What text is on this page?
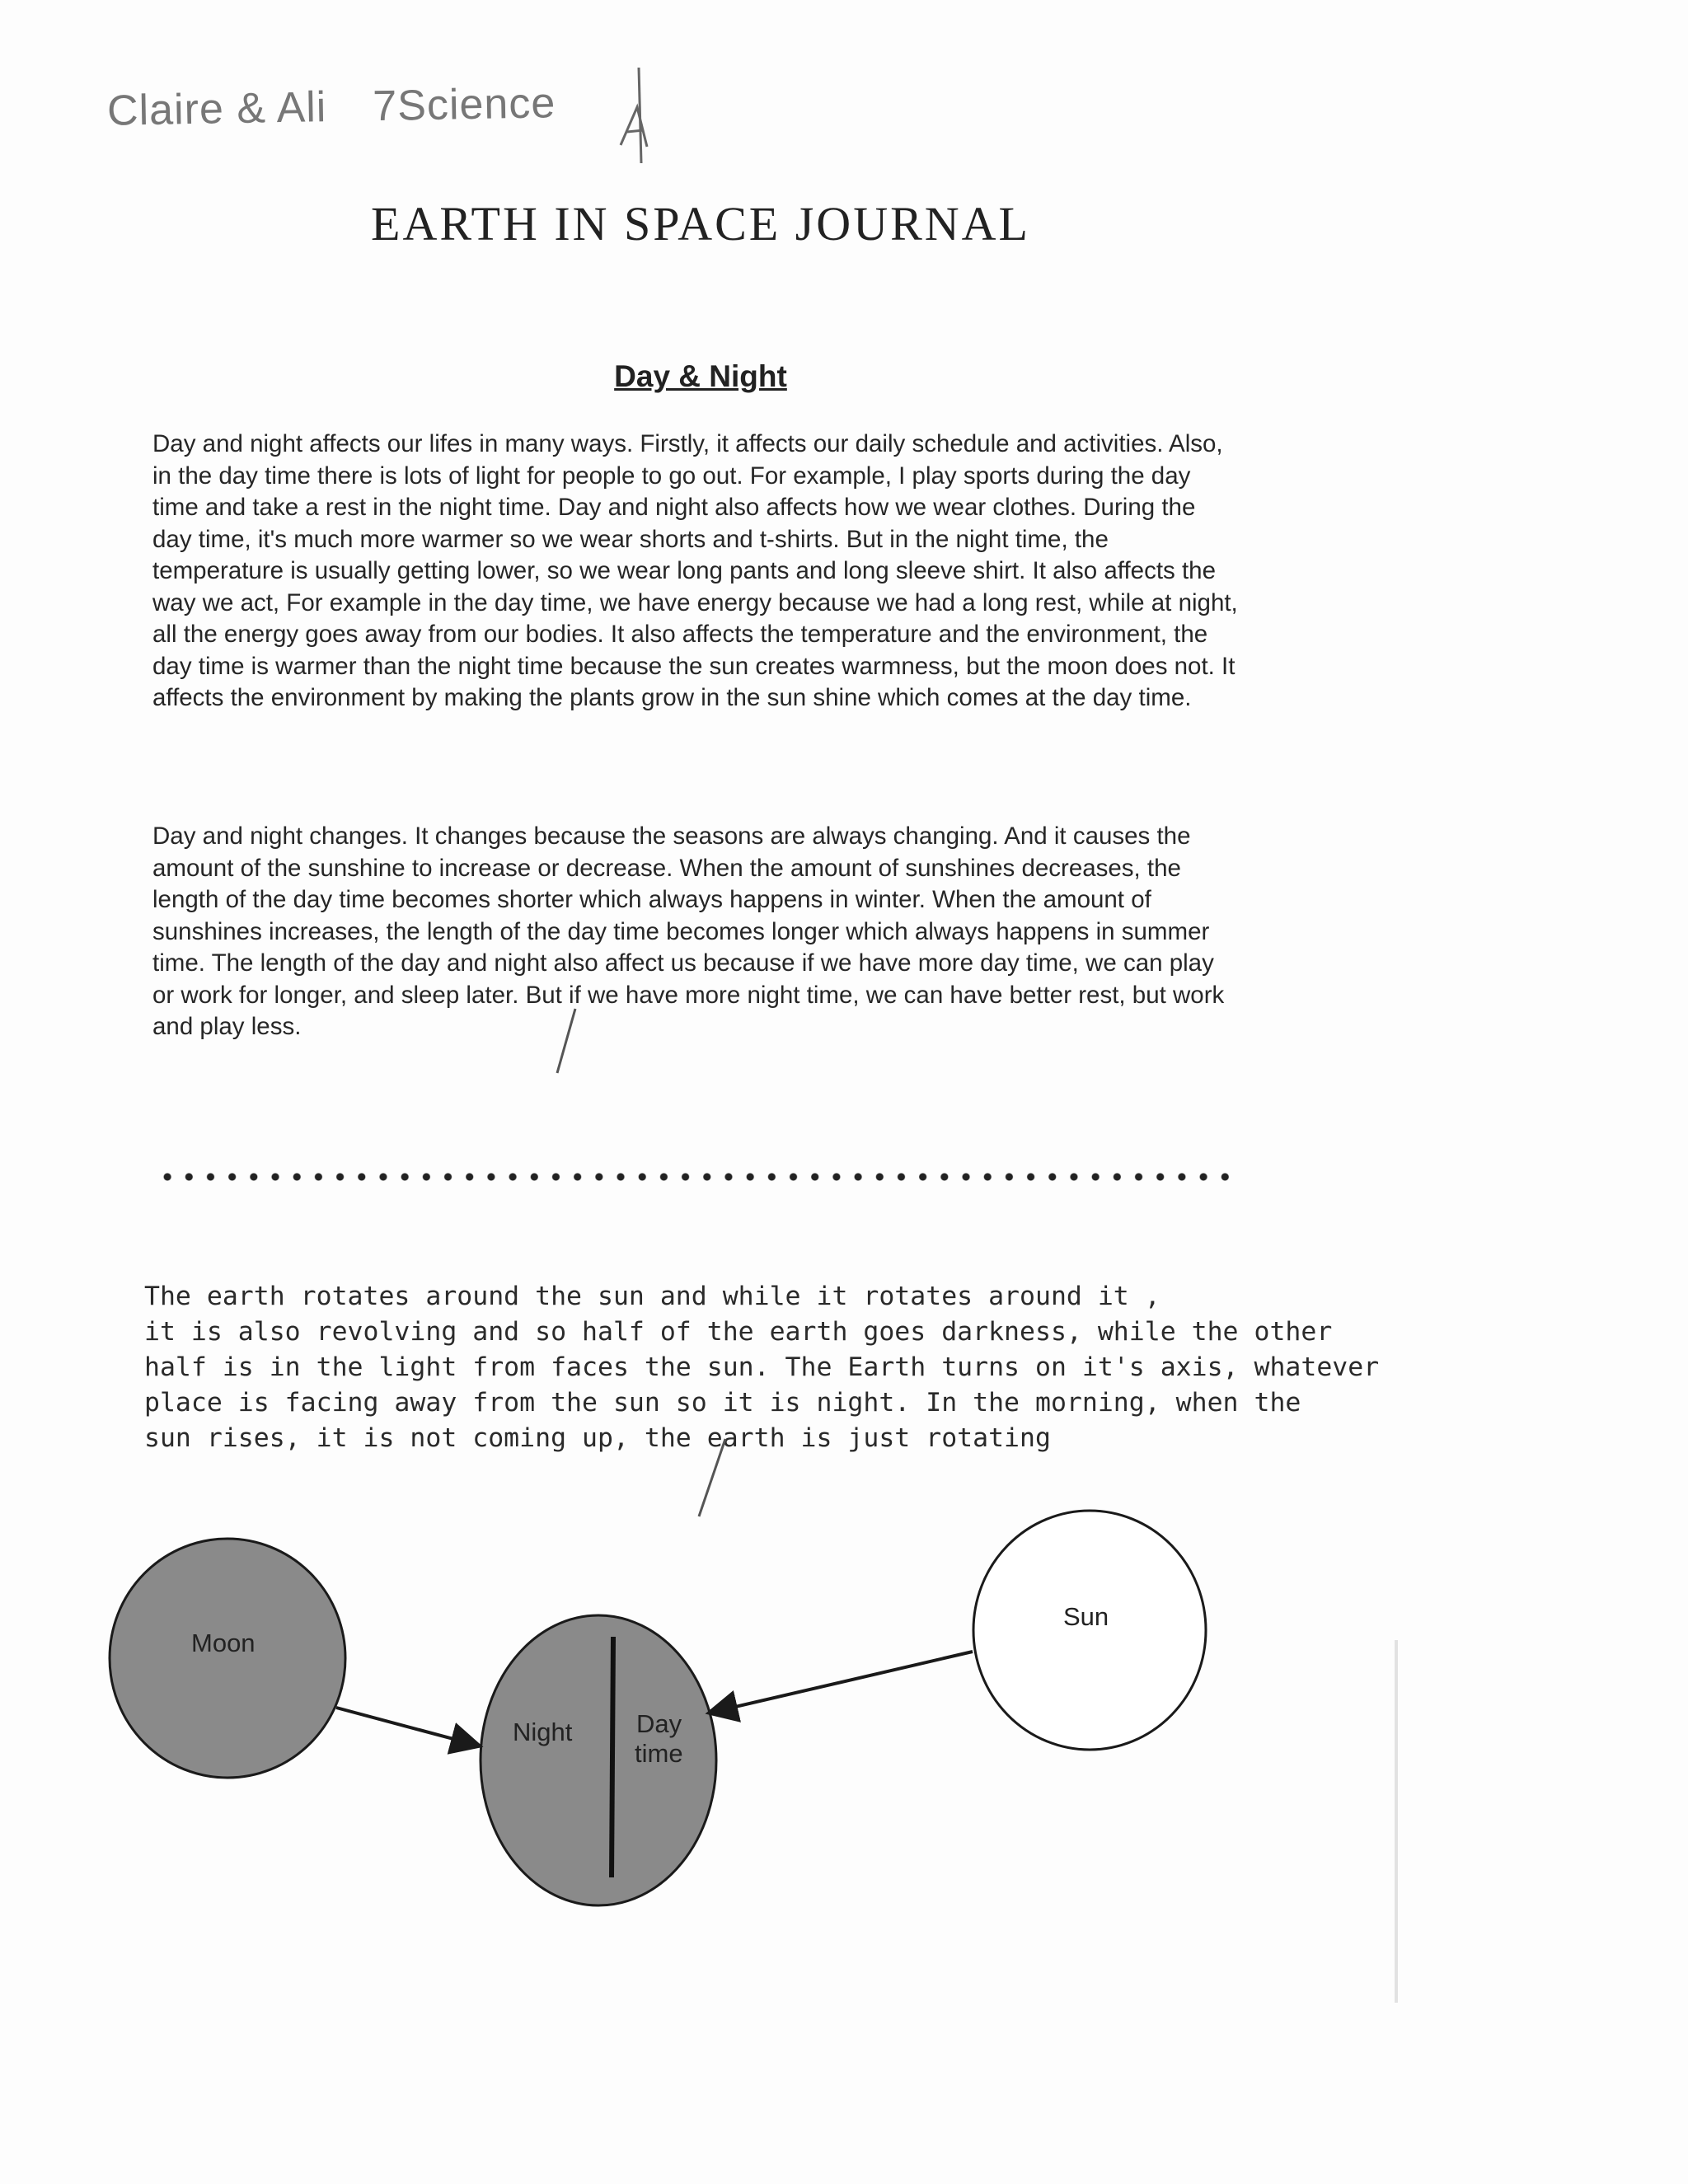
Claire & Ali 7Science
EARTH IN SPACE JOURNAL
Day & Night

Day and night affects our lifes in many ways. Firstly, it affects our daily schedule and activities. Also, in the day time there is lots of light for people to go out. For example, I play sports during the day time and take a rest in the night time. Day and night also affects how we wear clothes. During the day time, it's much more warmer so we wear shorts and t-shirts. But in the night time, the temperature is usually getting lower, so we wear long pants and long sleeve shirt. It also affects the way we act, For example in the day time, we have energy because we had a long rest, while at night, all the energy goes away from our bodies. It also affects the temperature and the environment, the day time is warmer than the night time because the sun creates warmness, but the moon does not. It affects the environment by making the plants grow in the sun shine which comes at the day time.

Day and night changes. It changes because the seasons are always changing. And it causes the amount of the sunshine to increase or decrease. When the amount of sunshines decreases, the length of the day time becomes shorter which always happens in winter. When the amount of sunshines increases, the length of the day time becomes longer which always happens in summer time. The length of the day and night also affect us because if we have more day time, we can play or work for longer, and sleep later. But if we have more night time, we can have better rest, but work and play less.

The earth rotates around the sun and while it rotates around it ,
it is also revolving and so half of the earth goes darkness, while the other
half is in the light from faces the sun. The Earth turns on it's axis, whatever
place is facing away from the sun so it is night. In the morning, when the
sun rises, it is not coming up, the earth is just rotating
Moon
Sun
Night	Day
time
